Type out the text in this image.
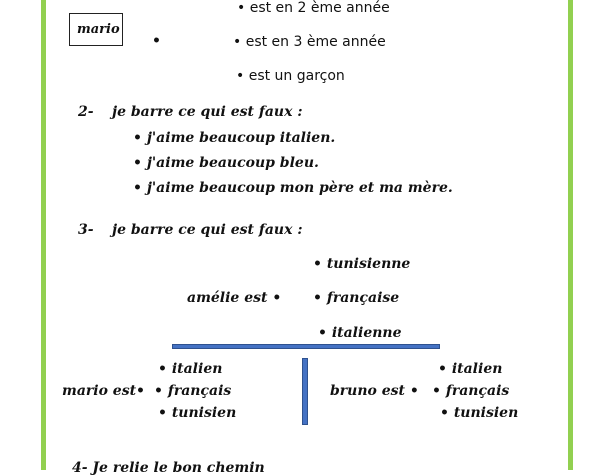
mario
•
• est en 2 ème année
• est en 3 ème année
• est un garçon
2- je barre ce qui est faux :
• j'aime beaucoup italien.
• j'aime beaucoup bleu.
• j'aime beaucoup mon père et ma mère.
3- je barre ce qui est faux :
amélie est •
• tunisienne
• française
• italienne
mario est•
• italien
• français
• tunisien
bruno est •
• italien
• français
• tunisien
4- Je relie le bon chemin
